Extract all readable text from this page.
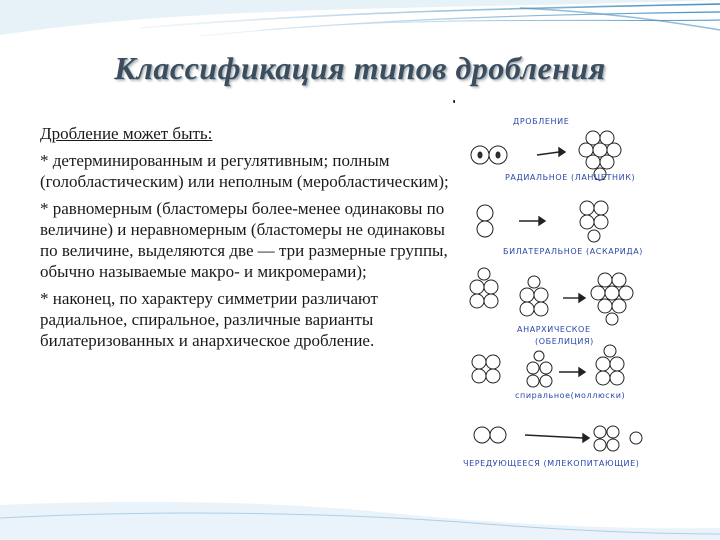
Классификация типов дробления

Дробление может быть:

* детерминированным и регулятивным; полным (голобластическим) или неполным (меробластическим);

* равномерным (бластомеры более-менее одинаковы по величине) и неравномерным (бластомеры не одинаковы по величине, выделяются две — три размерные группы, обычно называемые макро- и микромерами);

* наконец, по характеру симметрии различают радиальное, спиральное, различные варианты билатеризованных и анархическое дробление.

ДРОБЛЕНИЕ
РАДИАЛЬНОЕ (ЛАНЦЕТНИК)
БИЛАТЕРАЛЬНОЕ (АСКАРИДА)
АНАРХИЧЕСКОЕ
(ОБЕЛИЦИЯ)
спиральное(моллюски)
ЧЕРЕДУЮЩЕЕСЯ (МЛЕКОПИТАЮЩИЕ)
